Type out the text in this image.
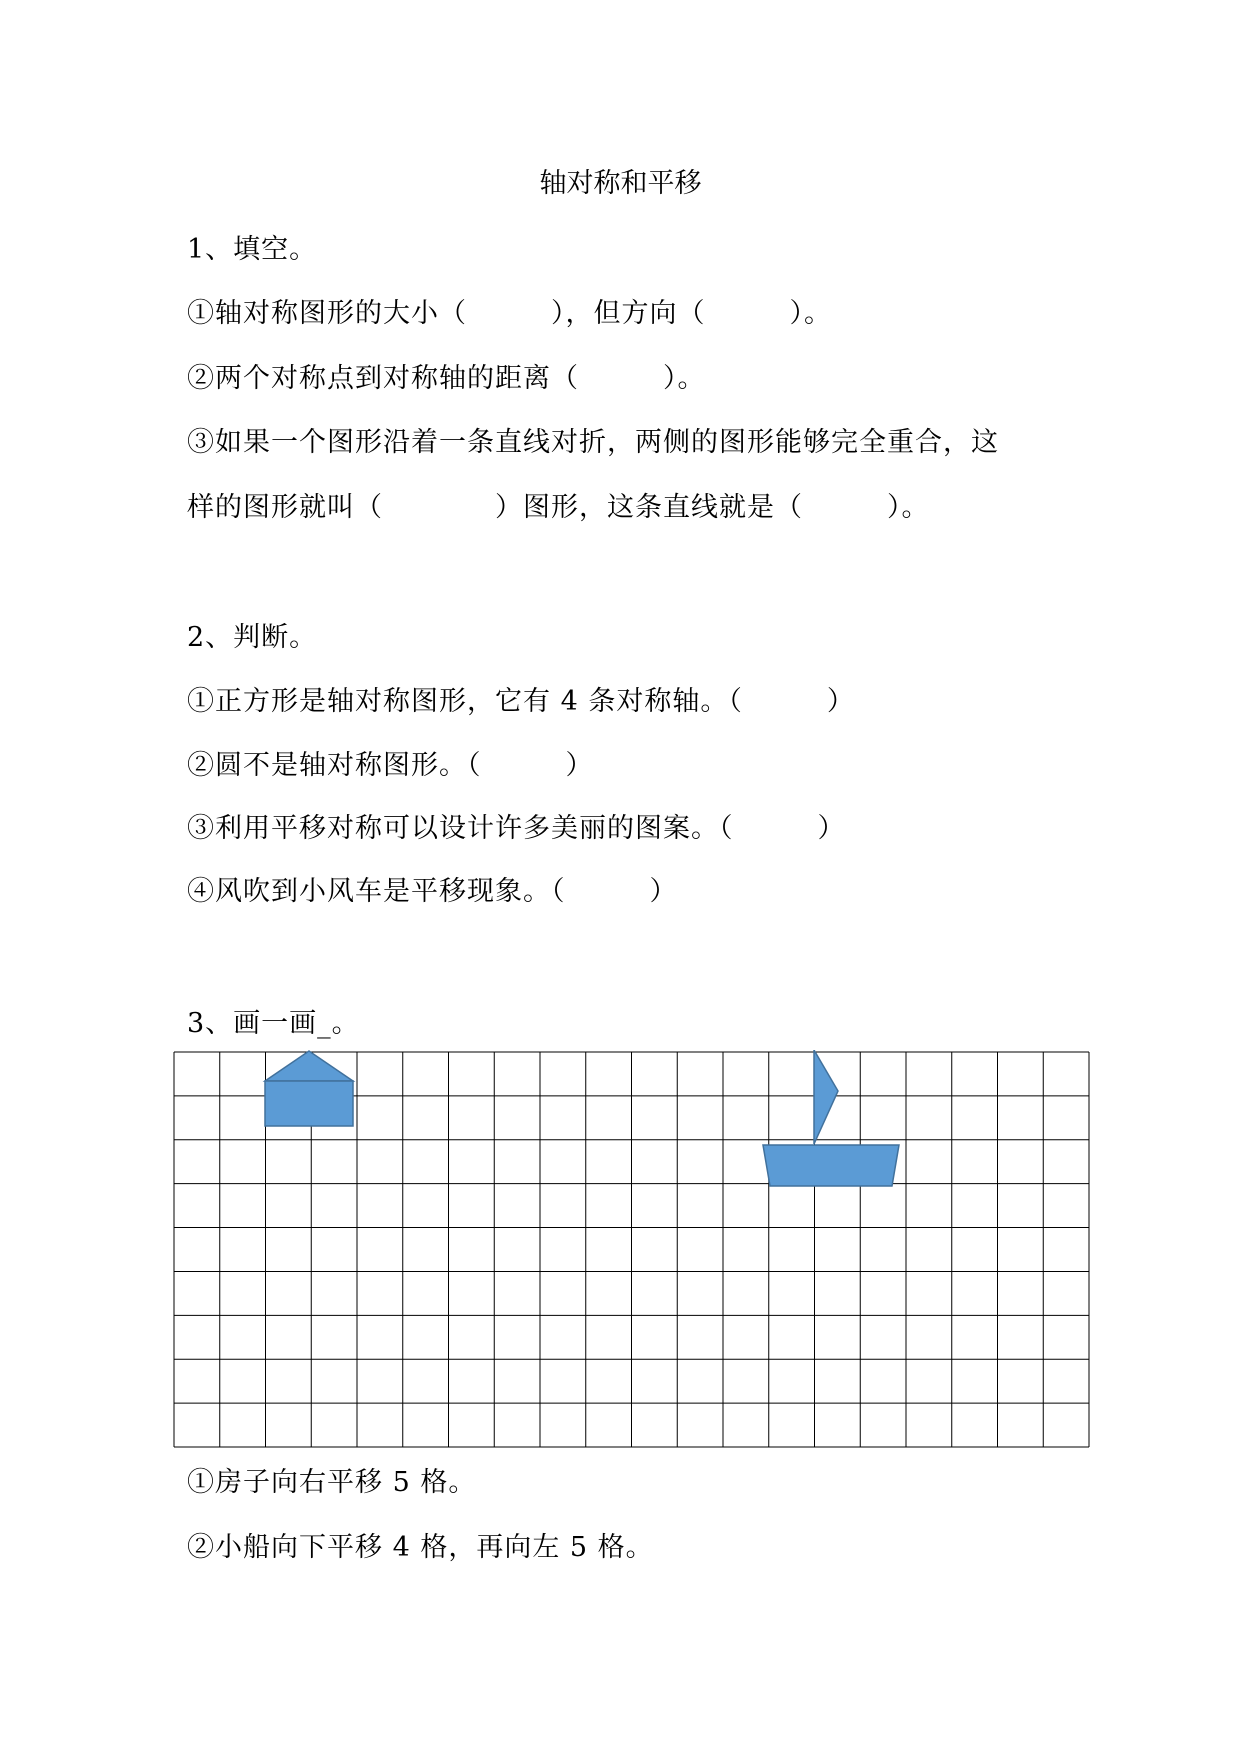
轴对称和平移
1、填空。
①轴对称图形的大小（　　　），但方向（　　　）。
②两个对称点到对称轴的距离（　　　）。
③如果一个图形沿着一条直线对折，两侧的图形能够完全重合，这
样的图形就叫（　　　　）图形，这条直线就是（　　　）。
2、判断。
①正方形是轴对称图形，它有 4 条对称轴。（　　　）
②圆不是轴对称图形。（　　　）
③利用平移对称可以设计许多美丽的图案。（　　　）
④风吹到小风车是平移现象。（　　　）
3、画一画_。
①房子向右平移 5 格。
②小船向下平移 4 格，再向左 5 格。
